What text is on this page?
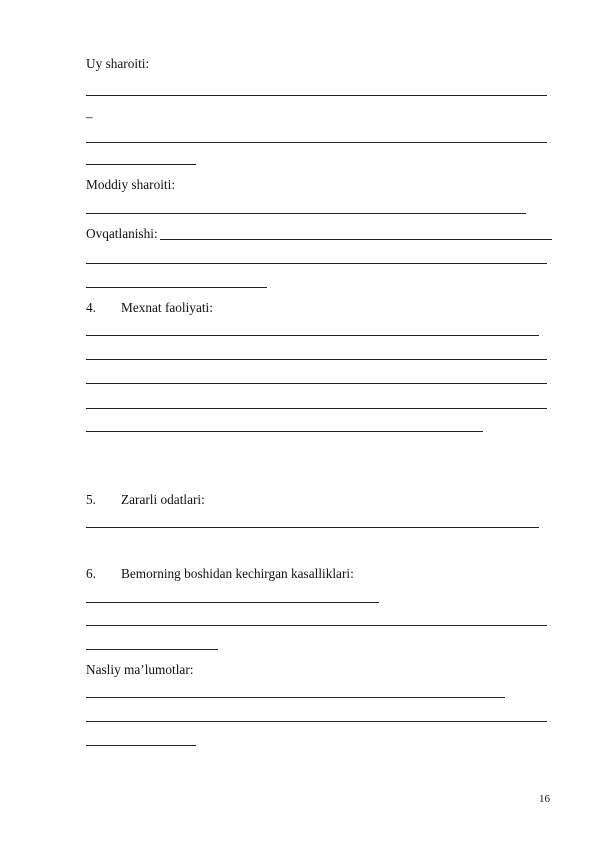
Uy sharoiti:
–
Moddiy sharoiti:
Ovqatlanishi:
4. Mexnat faoliyati:
5. Zararli odatlari:
6. Bemorning boshidan kechirgan kasalliklari:
Nasliy ma’lumotlar:
16
